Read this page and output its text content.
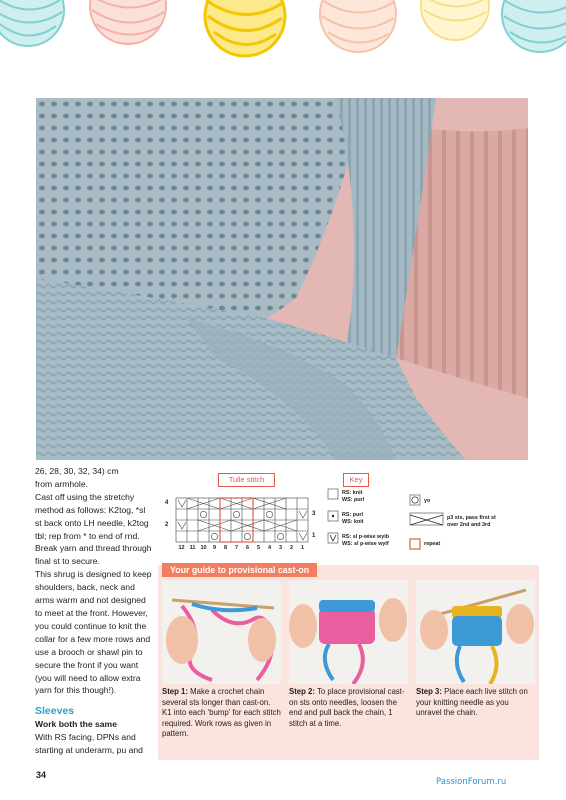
26, 28, 30, 32, 34) cm

from armhole.

Cast off using the stretchy method as follows: K2tog, *sl st back onto LH needle, k2tog tbl; rep from * to end of rnd. Break yarn and thread through final st to secure.

This shrug is designed to keep shoulders, back, neck and arms warm and not designed to meet at the front. However, you could continue to knit the collar for a few more rows and use a brooch or shawl pin to secure the front if you want (you will need to allow extra yarn for this though!).

Sleeves

Work both the same

With RS facing, DPNs and starting at underarm, pu and

Tulle stitch
4
2
3
1
12 11 10	9	8	7	6	5	4	3	2	1
Key
RS: knit
WS: purl
RS: purl
WS: knit
RS: sl p-wise wyib
WS: sl p-wise wyif
yo
p3 sts, pass first st
over 2nd and 3rd
repeat
Your guide to provisional cast-on
Step 1: Make a crochet chain several sts longer than cast-on. K1 into each ‘bump’ for each stitch required. Work rows as given in pattern.
Step 2: To place provisional cast-on sts onto needles, loosen the end and pull back the chain, 1 stitch at a time.
Step 3: Place each live stitch on your knitting needle as you unravel the chain.
34
PassionForum.ru
